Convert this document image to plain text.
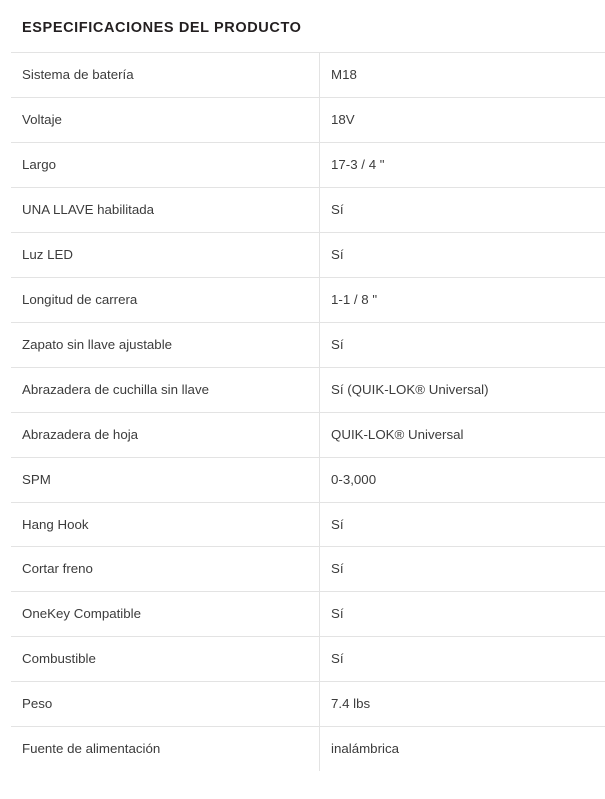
ESPECIFICACIONES DEL PRODUCTO
Sistema de batería	M18
Voltaje	18V
Largo	17-3 / 4 "
UNA LLAVE habilitada	Sí
Luz LED	Sí
Longitud de carrera	1-1 / 8 "
Zapato sin llave ajustable	Sí
Abrazadera de cuchilla sin llave	Sí (QUIK-LOK® Universal)
Abrazadera de hoja	QUIK-LOK® Universal
SPM	0-3,000
Hang Hook	Sí
Cortar freno	Sí
OneKey Compatible	Sí
Combustible	Sí
Peso	7.4 lbs
Fuente de alimentación	inalámbrica
